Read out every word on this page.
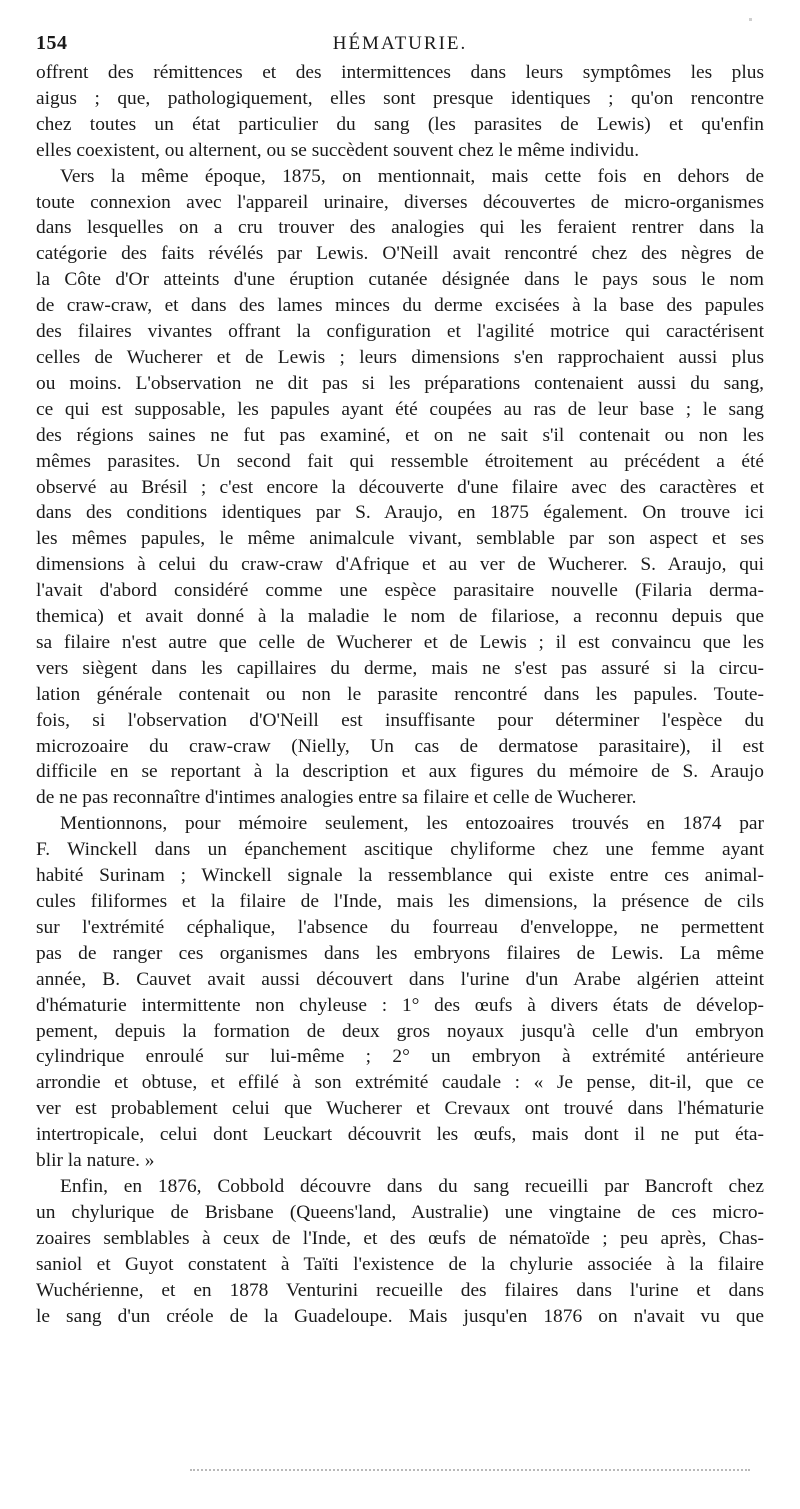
154	HÉMATURIE.

offrent des rémittences et des intermittences dans leurs symptômes les plus

aigus ; que, pathologiquement, elles sont presque identiques ; qu'on rencontre

chez toutes un état particulier du sang (les parasites de Lewis) et qu'enfin

elles coexistent, ou alternent, ou se succèdent souvent chez le même individu.

Vers la même époque, 1875, on mentionnait, mais cette fois en dehors de

toute connexion avec l'appareil urinaire, diverses découvertes de micro-organismes

dans lesquelles on a cru trouver des analogies qui les feraient rentrer dans la

catégorie des faits révélés par Lewis. O'Neill avait rencontré chez des nègres de

la Côte d'Or atteints d'une éruption cutanée désignée dans le pays sous le nom

de craw-craw, et dans des lames minces du derme excisées à la base des papules

des filaires vivantes offrant la configuration et l'agilité motrice qui caractérisent

celles de Wucherer et de Lewis ; leurs dimensions s'en rapprochaient aussi plus

ou moins. L'observation ne dit pas si les préparations contenaient aussi du sang,

ce qui est supposable, les papules ayant été coupées au ras de leur base ; le sang

des régions saines ne fut pas examiné, et on ne sait s'il contenait ou non les

mêmes parasites. Un second fait qui ressemble étroitement au précédent a été

observé au Brésil ; c'est encore la découverte d'une filaire avec des caractères et

dans des conditions identiques par S. Araujo, en 1875 également. On trouve ici

les mêmes papules, le même animalcule vivant, semblable par son aspect et ses

dimensions à celui du craw-craw d'Afrique et au ver de Wucherer. S. Araujo, qui

l'avait d'abord considéré comme une espèce parasitaire nouvelle (Filaria derma-

themica) et avait donné à la maladie le nom de filariose, a reconnu depuis que

sa filaire n'est autre que celle de Wucherer et de Lewis ; il est convaincu que les

vers siègent dans les capillaires du derme, mais ne s'est pas assuré si la circu-

lation générale contenait ou non le parasite rencontré dans les papules. Toute-

fois, si l'observation d'O'Neill est insuffisante pour déterminer l'espèce du

microzoaire du craw-craw (Nielly, Un cas de dermatose parasitaire), il est

difficile en se reportant à la description et aux figures du mémoire de S. Araujo

de ne pas reconnaître d'intimes analogies entre sa filaire et celle de Wucherer.

Mentionnons, pour mémoire seulement, les entozoaires trouvés en 1874 par

F. Winckell dans un épanchement ascitique chyliforme chez une femme ayant

habité Surinam ; Winckell signale la ressemblance qui existe entre ces animal-

cules filiformes et la filaire de l'Inde, mais les dimensions, la présence de cils

sur l'extrémité céphalique, l'absence du fourreau d'enveloppe, ne permettent

pas de ranger ces organismes dans les embryons filaires de Lewis. La même

année, B. Cauvet avait aussi découvert dans l'urine d'un Arabe algérien atteint

d'hématurie intermittente non chyleuse : 1° des œufs à divers états de dévelop-

pement, depuis la formation de deux gros noyaux jusqu'à celle d'un embryon

cylindrique enroulé sur lui-même ; 2° un embryon à extrémité antérieure

arrondie et obtuse, et effilé à son extrémité caudale : « Je pense, dit-il, que ce

ver est probablement celui que Wucherer et Crevaux ont trouvé dans l'hématurie

intertropicale, celui dont Leuckart découvrit les œufs, mais dont il ne put éta-

blir la nature. »

Enfin, en 1876, Cobbold découvre dans du sang recueilli par Bancroft chez

un chylurique de Brisbane (Queens'land, Australie) une vingtaine de ces micro-

zoaires semblables à ceux de l'Inde, et des œufs de nématoïde ; peu après, Chas-

saniol et Guyot constatent à Taïti l'existence de la chylurie associée à la filaire

Wuchérienne, et en 1878 Venturini recueille des filaires dans l'urine et dans

le sang d'un créole de la Guadeloupe. Mais jusqu'en 1876 on n'avait vu que
